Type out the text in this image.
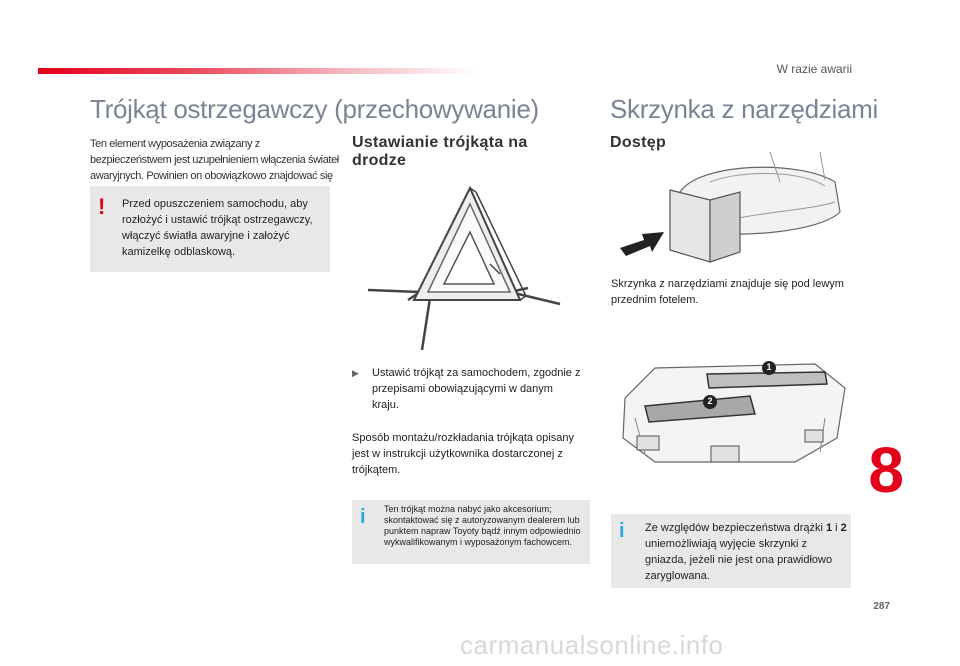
W razie awarii
Trójkąt ostrzegawczy (przechowywanie)
Ten element wyposażenia związany z bezpieczeństwem jest uzupełnieniem włączenia świateł awaryjnych. Powinien on obowiązkowo znajdować się
! Przed opuszczeniem samochodu, aby rozłożyć i ustawić trójkąt ostrzegawczy, włączyć światła awaryjne i założyć kamizelkę odblaskową.
Ustawianie trójkąta na drodze
▶ Ustawić trójkąt za samochodem, zgodnie z przepisami obowiązującymi w danym kraju.
Sposób montażu/rozkładania trójkąta opisany jest w instrukcji użytkownika dostarczonej z trójkątem.
i Ten trójkąt można nabyć jako akcesorium; skontaktować się z autoryzowanym dealerem lub punktem napraw Toyoty bądź innym odpowiednio wykwalifikowanym i wyposażonym fachowcem.
Skrzynka z narzędziami
Dostęp
Skrzynka z narzędziami znajduje się pod lewym przednim fotelem.
1
2
i Ze względów bezpieczeństwa drążki 1 i 2 uniemożliwiają wyjęcie skrzynki z gniazda, jeżeli nie jest ona prawidłowo zaryglowana.
8
287
carmanualsonline.info
